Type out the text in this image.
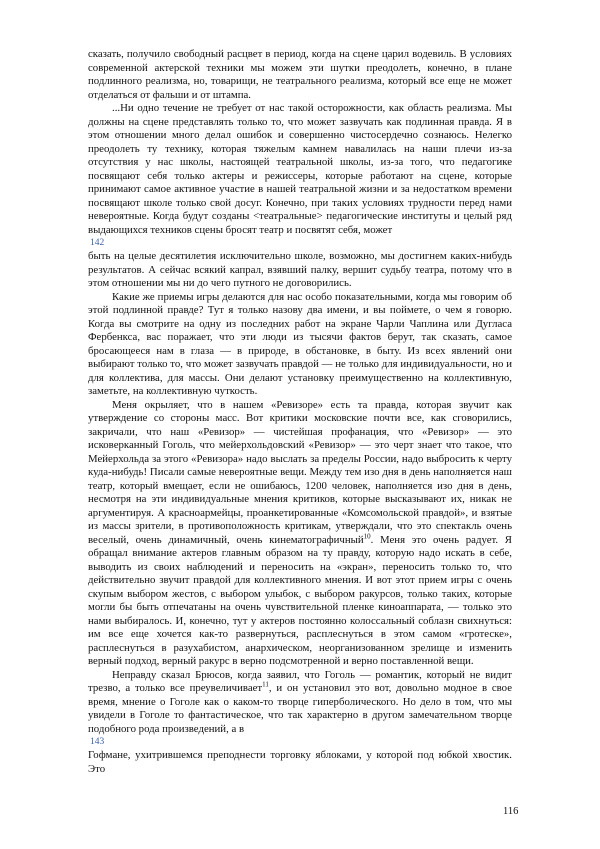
сказать, получило свободный расцвет в период, когда на сцене царил водевиль. В условиях современной актерской техники мы можем эти шутки преодолеть, конечно, в плане подлинного реализма, но, товарищи, не театрального реализма, который все еще не может отделаться от фальши и от штампа.

...Ни одно течение не требует от нас такой осторожности, как область реализма. Мы должны на сцене представлять только то, что может зазвучать как подлинная правда. Я в этом отношении много делал ошибок и совершенно чистосердечно сознаюсь. Нелегко преодолеть ту технику, которая тяжелым камнем навалилась на наши плечи из-за отсутствия у нас школы, настоящей театральной школы, из-за того, что педагогике посвящают себя только актеры и режиссеры, которые работают на сцене, которые принимают самое активное участие в нашей театральной жизни и за недостатком времени посвящают школе только свой досуг. Конечно, при таких условиях трудности перед нами невероятные. Когда будут созданы <театральные> педагогические институты и целый ряд выдающихся техников сцены бросят театр и посвятят себя, может

142

быть на целые десятилетия исключительно школе, возможно, мы достигнем каких-нибудь результатов. А сейчас всякий капрал, взявший палку, вершит судьбу театра, потому что в этом отношении мы ни до чего путного не договорились.

Какие же приемы игры делаются для нас особо показательными, когда мы говорим об этой подлинной правде? Тут я только назову два имени, и вы поймете, о чем я говорю. Когда вы смотрите на одну из последних работ на экране Чарли Чаплина или Дугласа Фербенкса, вас поражает, что эти люди из тысячи фактов берут, так сказать, самое бросающееся нам в глаза — в природе, в обстановке, в быту. Из всех явлений они выбирают только то, что может зазвучать правдой — не только для индивидуальности, но и для коллектива, для массы. Они делают установку преимущественно на коллективную, заметьте, на коллективную чуткость.

Меня окрыляет, что в нашем «Ревизоре» есть та правда, которая звучит как утверждение со стороны масс. Вот критики московские почти все, как сговорились, закричали, что наш «Ревизор» — чистейшая профанация, что «Ревизор» — это исковерканный Гоголь, что мейерхольдовский «Ревизор» — это черт знает что такое, что Мейерхольда за этого «Ревизора» надо выслать за пределы России, надо выбросить к черту куда-нибудь! Писали самые невероятные вещи. Между тем изо дня в день наполняется наш театр, который вмещает, если не ошибаюсь, 1200 человек, наполняется изо дня в день, несмотря на эти индивидуальные мнения критиков, которые высказывают их, никак не аргументируя. А красноармейцы, проанкетированные «Комсомольской правдой», и взятые из массы зрители, в противоположность критикам, утверждали, что это спектакль очень веселый, очень динамичный, очень кинематографичный$^{10}$. Меня это очень радует. Я обращал внимание актеров главным образом на ту правду, которую надо искать в себе, выводить из своих наблюдений и переносить на «экран», переносить только то, что действительно звучит правдой для коллективного мнения. И вот этот прием игры с очень скупым выбором жестов, с выбором улыбок, с выбором ракурсов, только таких, которые могли бы быть отпечатаны на очень чувствительной пленке киноаппарата, — только это нами выбиралось. И, конечно, тут у актеров постоянно колоссальный соблазн свихнуться: им все еще хочется как-то развернуться, расплеснуться в этом самом «гротеске», расплеснуться в разухабистом, анархическом, неорганизованном зрелище и изменить верный подход, верный ракурс в верно подсмотренной и верно поставленной вещи.

Неправду сказал Брюсов, когда заявил, что Гоголь — романтик, который не видит трезво, а только все преувеличивает$^{11}$, и он установил это вот, довольно модное в свое время, мнение о Гоголе как о каком-то творце гиперболического. Но дело в том, что мы увидели в Гоголе то фантастическое, что так характерно в другом замечательном творце подобного рода произведений, а в

143

Гофмане, ухитрившемся преподнести торговку яблоками, у которой под юбкой хвостик. Это

116
